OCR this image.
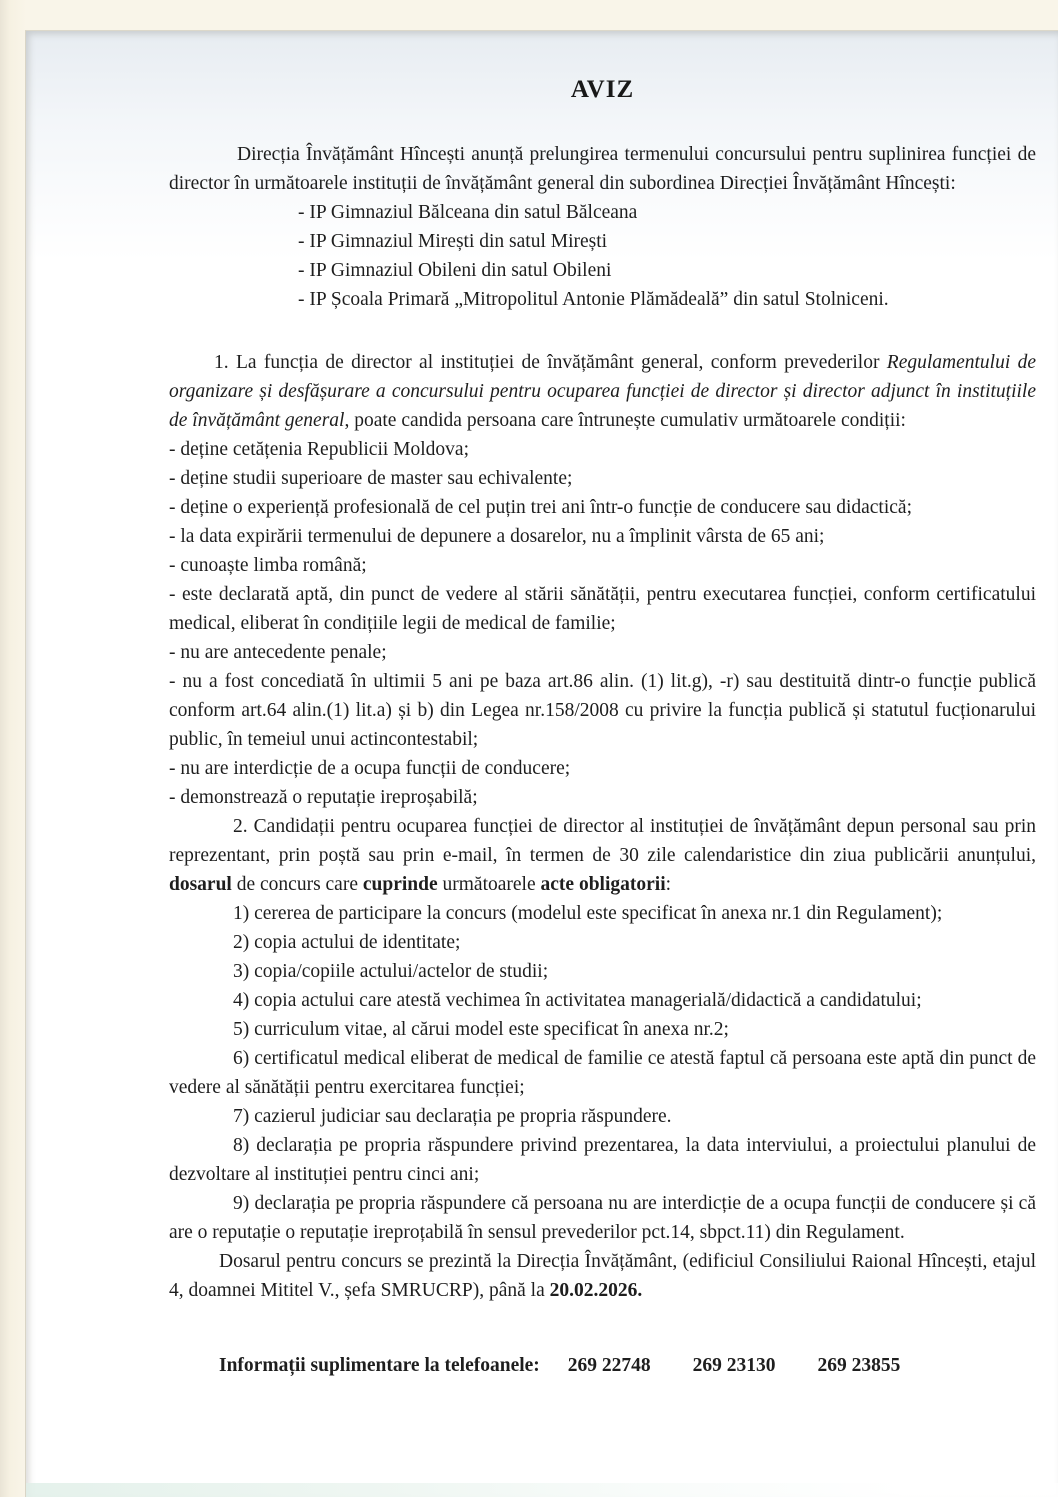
AVIZ

Direcția Învățământ Hîncești anunță prelungirea termenului concursului pentru suplinirea funcției de director în următoarele instituții de învățământ general din subordinea Direcției Învățământ Hîncești:

- IP Gimnaziul Bălceana din satul Bălceana
- IP Gimnaziul Mirești din satul Mirești
- IP Gimnaziul Obileni din satul Obileni
- IP Școala Primară „Mitropolitul Antonie Plămădeală” din satul Stolniceni.

1. La funcția de director al instituției de învățământ general, conform prevederilor Regulamentului de organizare și desfășurare a concursului pentru ocuparea funcției de director și director adjunct în instituțiile de învățământ general, poate candida persoana care întrunește cumulativ următoarele condiții:

- deține cetățenia Republicii Moldova;

- deține studii superioare de master sau echivalente;

- deține o experiență profesională de cel puțin trei ani într-o funcție de conducere sau didactică;

- la data expirării termenului de depunere a dosarelor, nu a împlinit vârsta de 65 ani;

- cunoaște limba română;

- este declarată aptă, din punct de vedere al stării sănătății, pentru executarea funcției, conform certificatului medical, eliberat în condițiile legii de medical de familie;

- nu are antecedente penale;

- nu a fost concediată în ultimii 5 ani pe baza art.86 alin. (1) lit.g), -r) sau destituită dintr-o funcție publică conform art.64 alin.(1) lit.a) și b) din Legea nr.158/2008 cu privire la funcția publică și statutul fucționarului public, în temeiul unui actincontestabil;

- nu are interdicție de a ocupa funcții de conducere;

- demonstrează o reputație ireproșabilă;

2. Candidații pentru ocuparea funcției de director al instituției de învățământ depun personal sau prin reprezentant, prin poștă sau prin e-mail, în termen de 30 zile calendaristice din ziua publicării anunțului, dosarul de concurs care cuprinde următoarele acte obligatorii:

1) cererea de participare la concurs (modelul este specificat în anexa nr.1 din Regulament);

2) copia actului de identitate;

3) copia/copiile actului/actelor de studii;

4) copia actului care atestă vechimea în activitatea managerială/didactică a candidatului;

5) curriculum vitae, al cărui model este specificat în anexa nr.2;

6) certificatul medical eliberat de medical de familie ce atestă faptul că persoana este aptă din punct de vedere al sănătății pentru exercitarea funcției;

7) cazierul judiciar sau declarația pe propria răspundere.

8) declarația pe propria răspundere privind prezentarea, la data interviului, a proiectului planului de dezvoltare al instituției pentru cinci ani;

9) declarația pe propria răspundere că persoana nu are interdicție de a ocupa funcții de conducere și că are o reputație o reputație ireproțabilă în sensul prevederilor pct.14, sbpct.11) din Regulament.

Dosarul pentru concurs se prezintă la Direcția Învățământ, (edificiul Consiliului Raional Hîncești, etajul 4, doamnei Mititel V., șefa SMRUCRP), până la 20.02.2026.

Informații suplimentare la telefoanele: 269 22748 269 23130 269 23855
